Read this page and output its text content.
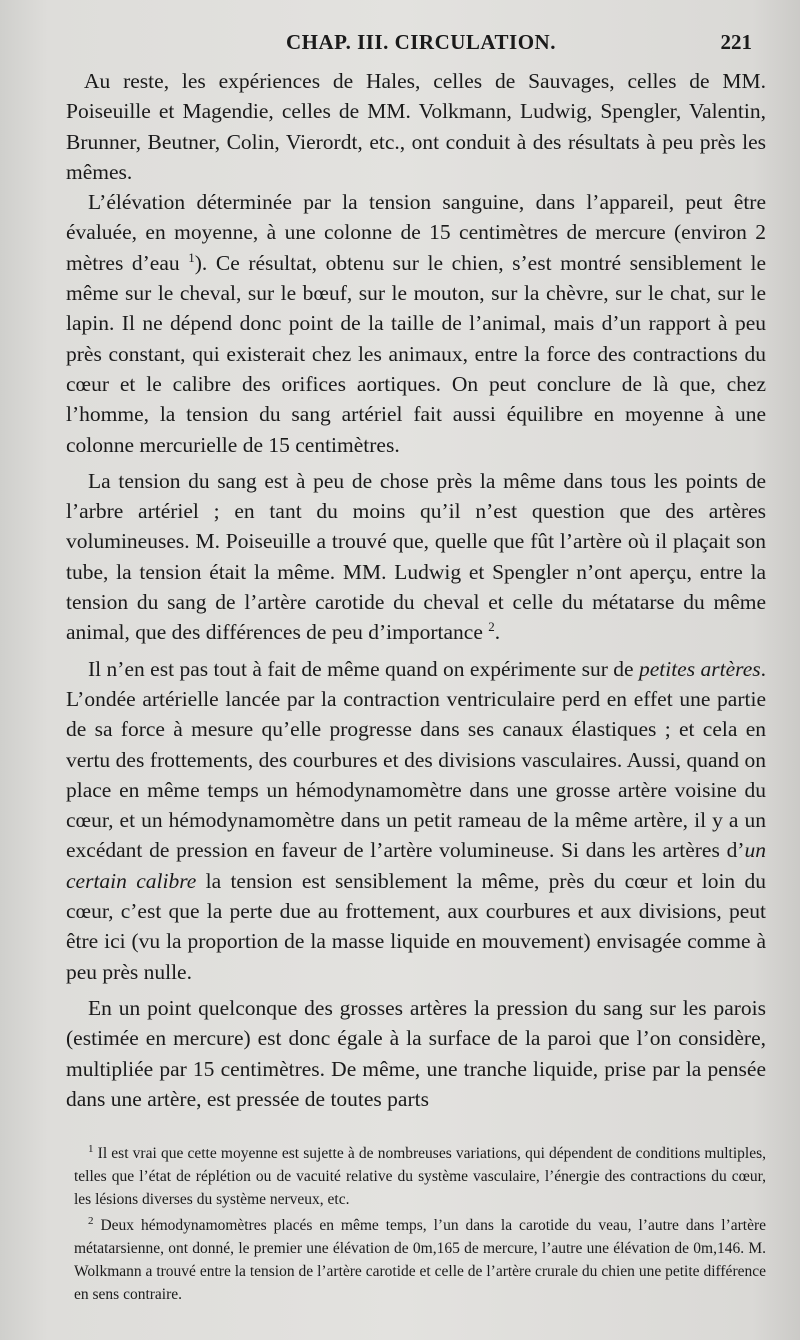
CHAP. III. CIRCULATION.	221

Au reste, les expériences de Hales, celles de Sauvages, celles de MM. Poiseuille et Magendie, celles de MM. Volkmann, Ludwig, Spengler, Valentin, Brunner, Beutner, Colin, Vierordt, etc., ont conduit à des résultats à peu près les mêmes.

L’élévation déterminée par la tension sanguine, dans l’appareil, peut être évaluée, en moyenne, à une colonne de 15 centimètres de mercure (environ 2 mètres d’eau $^1$). Ce résultat, obtenu sur le chien, s’est montré sensiblement le même sur le cheval, sur le bœuf, sur le mouton, sur la chèvre, sur le chat, sur le lapin. Il ne dépend donc point de la taille de l’animal, mais d’un rapport à peu près constant, qui existerait chez les animaux, entre la force des contractions du cœur et le calibre des orifices aortiques. On peut conclure de là que, chez l’homme, la tension du sang artériel fait aussi équilibre en moyenne à une colonne mercurielle de 15 centimètres.

La tension du sang est à peu de chose près la même dans tous les points de l’arbre artériel ; en tant du moins qu’il n’est question que des artères volumineuses. M. Poiseuille a trouvé que, quelle que fût l’artère où il plaçait son tube, la tension était la même. MM. Ludwig et Spengler n’ont aperçu, entre la tension du sang de l’artère carotide du cheval et celle du métatarse du même animal, que des différences de peu d’importance $^2$.

Il n’en est pas tout à fait de même quand on expérimente sur de petites artères. L’ondée artérielle lancée par la contraction ventriculaire perd en effet une partie de sa force à mesure qu’elle progresse dans ses canaux élastiques ; et cela en vertu des frottements, des courbures et des divisions vasculaires. Aussi, quand on place en même temps un hémodynamomètre dans une grosse artère voisine du cœur, et un hémodynamomètre dans un petit rameau de la même artère, il y a un excédant de pression en faveur de l’artère volumineuse. Si dans les artères d’un certain calibre la tension est sensiblement la même, près du cœur et loin du cœur, c’est que la perte due au frottement, aux courbures et aux divisions, peut être ici (vu la proportion de la masse liquide en mouvement) envisagée comme à peu près nulle.

En un point quelconque des grosses artères la pression du sang sur les parois (estimée en mercure) est donc égale à la surface de la paroi que l’on considère, multipliée par 15 centimètres. De même, une tranche liquide, prise par la pensée dans une artère, est pressée de toutes parts

$^1$ Il est vrai que cette moyenne est sujette à de nombreuses variations, qui dépendent de conditions multiples, telles que l’état de réplétion ou de vacuité relative du système vasculaire, l’énergie des contractions du cœur, les lésions diverses du système nerveux, etc.

$^2$ Deux hémodynamomètres placés en même temps, l’un dans la carotide du veau, l’autre dans l’artère métatarsienne, ont donné, le premier une élévation de 0m,165 de mercure, l’autre une élévation de 0m,146. M. Wolkmann a trouvé entre la tension de l’artère carotide et celle de l’artère crurale du chien une petite différence en sens contraire.
